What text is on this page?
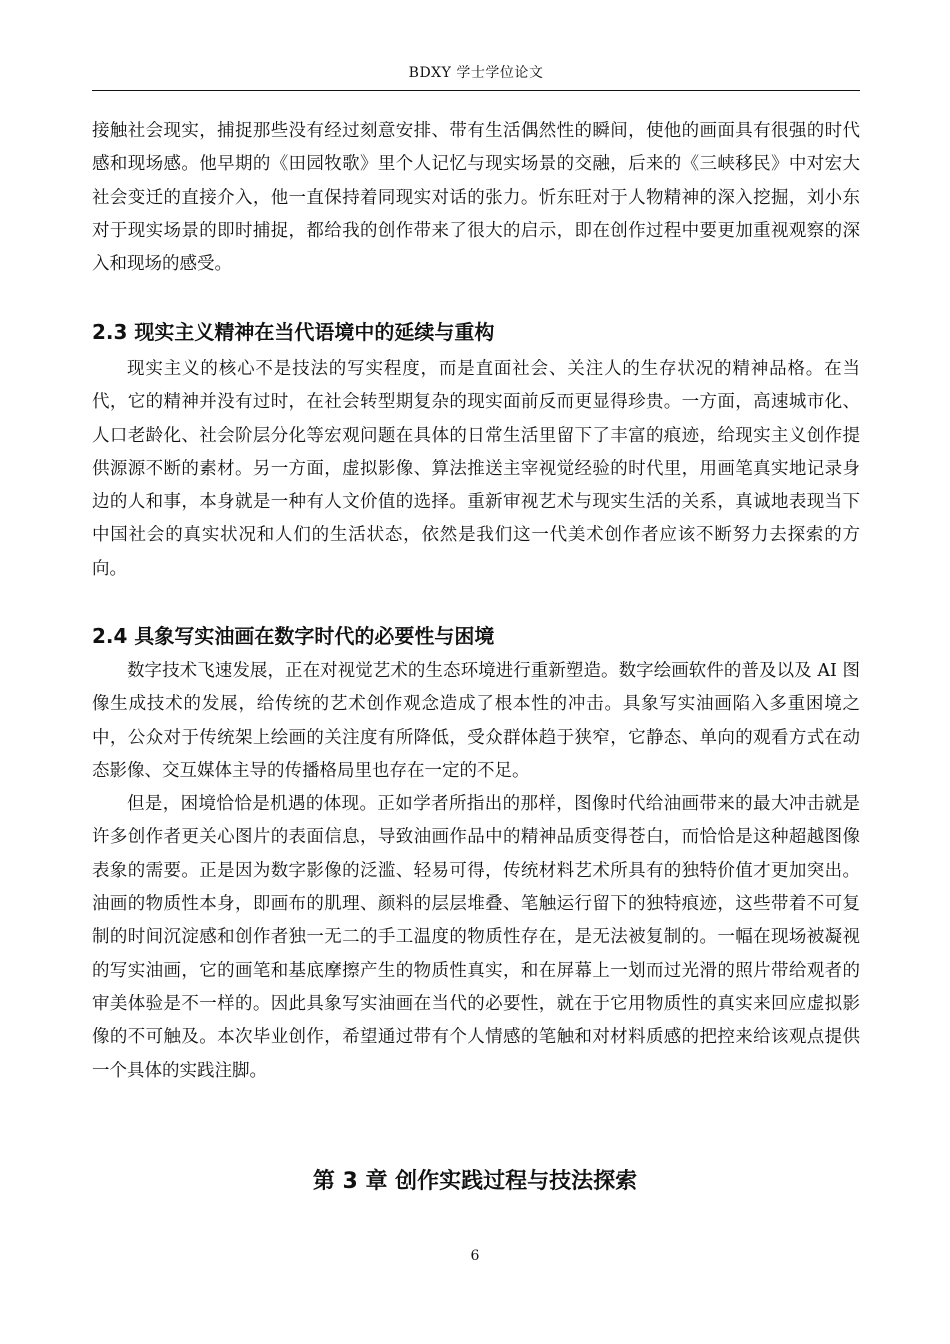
BDXY 学士学位论文

接触社会现实，捕捉那些没有经过刻意安排、带有生活偶然性的瞬间，使他的画面具有很强的时代感和现场感。他早期的《田园牧歌》里个人记忆与现实场景的交融，后来的《三峡移民》中对宏大社会变迁的直接介入，他一直保持着同现实对话的张力。忻东旺对于人物精神的深入挖掘，刘小东对于现实场景的即时捕捉，都给我的创作带来了很大的启示，即在创作过程中要更加重视观察的深入和现场的感受。

2.3 现实主义精神在当代语境中的延续与重构

现实主义的核心不是技法的写实程度，而是直面社会、关注人的生存状况的精神品格。在当代，它的精神并没有过时，在社会转型期复杂的现实面前反而更显得珍贵。一方面，高速城市化、人口老龄化、社会阶层分化等宏观问题在具体的日常生活里留下了丰富的痕迹，给现实主义创作提供源源不断的素材。另一方面，虚拟影像、算法推送主宰视觉经验的时代里，用画笔真实地记录身边的人和事，本身就是一种有人文价值的选择。重新审视艺术与现实生活的关系，真诚地表现当下中国社会的真实状况和人们的生活状态，依然是我们这一代美术创作者应该不断努力去探索的方向。

2.4 具象写实油画在数字时代的必要性与困境

数字技术飞速发展，正在对视觉艺术的生态环境进行重新塑造。数字绘画软件的普及以及 AI 图像生成技术的发展，给传统的艺术创作观念造成了根本性的冲击。具象写实油画陷入多重困境之中，公众对于传统架上绘画的关注度有所降低，受众群体趋于狭窄，它静态、单向的观看方式在动态影像、交互媒体主导的传播格局里也存在一定的不足。

但是，困境恰恰是机遇的体现。正如学者所指出的那样，图像时代给油画带来的最大冲击就是许多创作者更关心图片的表面信息，导致油画作品中的精神品质变得苍白，而恰恰是这种超越图像表象的需要。正是因为数字影像的泛滥、轻易可得，传统材料艺术所具有的独特价值才更加突出。油画的物质性本身，即画布的肌理、颜料的层层堆叠、笔触运行留下的独特痕迹，这些带着不可复制的时间沉淀感和创作者独一无二的手工温度的物质性存在，是无法被复制的。一幅在现场被凝视的写实油画，它的画笔和基底摩擦产生的物质性真实，和在屏幕上一划而过光滑的照片带给观者的审美体验是不一样的。因此具象写实油画在当代的必要性，就在于它用物质性的真实来回应虚拟影像的不可触及。本次毕业创作，希望通过带有个人情感的笔触和对材料质感的把控来给该观点提供一个具体的实践注脚。

第 3 章 创作实践过程与技法探索
6
